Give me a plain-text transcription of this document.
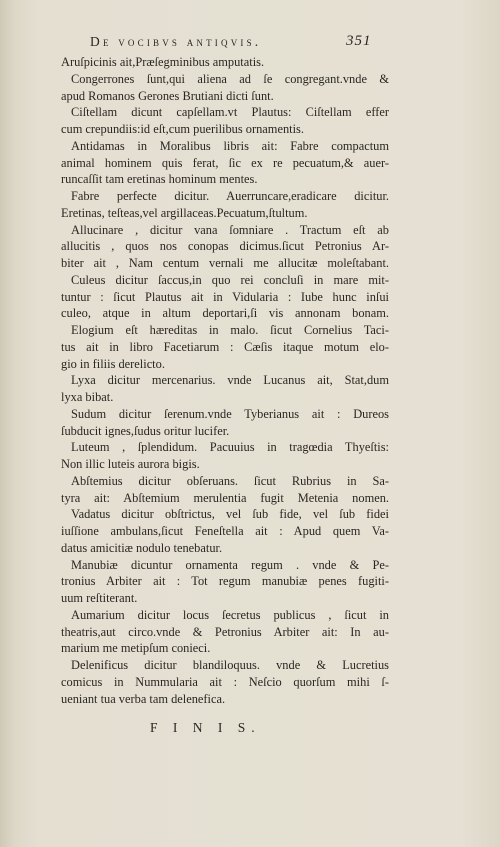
De vocibvs antiqvis.	351
Aruſpicinis ait,Præſegminibus amputatis.
Congerrones ſunt,qui aliena ad ſe congregant.vnde &
apud Romanos Gerones Brutiani dicti ſunt.
Ciſtellam dicunt capſellam.vt Plautus: Ciſtellam effer
cum crepundiis:id eſt,cum puerilibus ornamentis.
Antidamas in Moralibus libris ait: Fabre compactum
animal hominem quis ferat, ſic ex re pecuatum,& auer-
runcaſſit tam eretinas hominum mentes.
Fabre perfecte dicitur. Auerruncare,eradicare dicitur.
Eretinas, teſteas,vel argillaceas.Pecuatum,ſtultum.
Allucinare , dicitur vana ſomniare . Tractum eſt ab
allucitis , quos nos conopas dicimus.ſicut Petronius Ar-
biter ait , Nam centum vernali me allucitæ moleſtabant.
Culeus dicitur ſaccus,in quo rei concluſi in mare mit-
tuntur : ſicut Plautus ait in Vidularia : Iube hunc inſui
culeo, atque in altum deportari,ſi vis annonam bonam.
Elogium eſt hæreditas in malo. ſicut Cornelius Taci-
tus ait in libro Facetiarum : Cæſis itaque motum elo-
gio in filiis derelicto.
Lyxa dicitur mercenarius. vnde Lucanus ait, Stat,dum
lyxa bibat.
Sudum dicitur ſerenum.vnde Tyberianus ait : Dureos
ſubducit ignes,ſudus oritur lucifer.
Luteum , ſplendidum. Pacuuius in tragœdia Thyeſtis:
Non illic luteis aurora bigis.
Abſtemius dicitur obſeruans. ſicut Rubrius in Sa-
tyra ait: Abſtemium merulentia fugit Metenia nomen.
Vadatus dicitur obſtrictus, vel ſub fide, vel ſub fidei
iuſſione ambulans,ſicut Feneſtella ait : Apud quem Va-
datus amicitiæ nodulo tenebatur.
Manubiæ dicuntur ornamenta regum . vnde & Pe-
tronius Arbiter ait : Tot regum manubiæ penes fugiti-
uum reſtiterant.
Aumarium dicitur locus ſecretus publicus , ſicut in
theatris,aut circo.vnde & Petronius Arbiter ait: In au-
marium me metipſum conieci.
Delenificus dicitur blandiloquus. vnde & Lucretius
comicus in Nummularia ait : Neſcio quorſum mihi ſ-
ueniant tua verba tam delenefica.
F I N I S.
